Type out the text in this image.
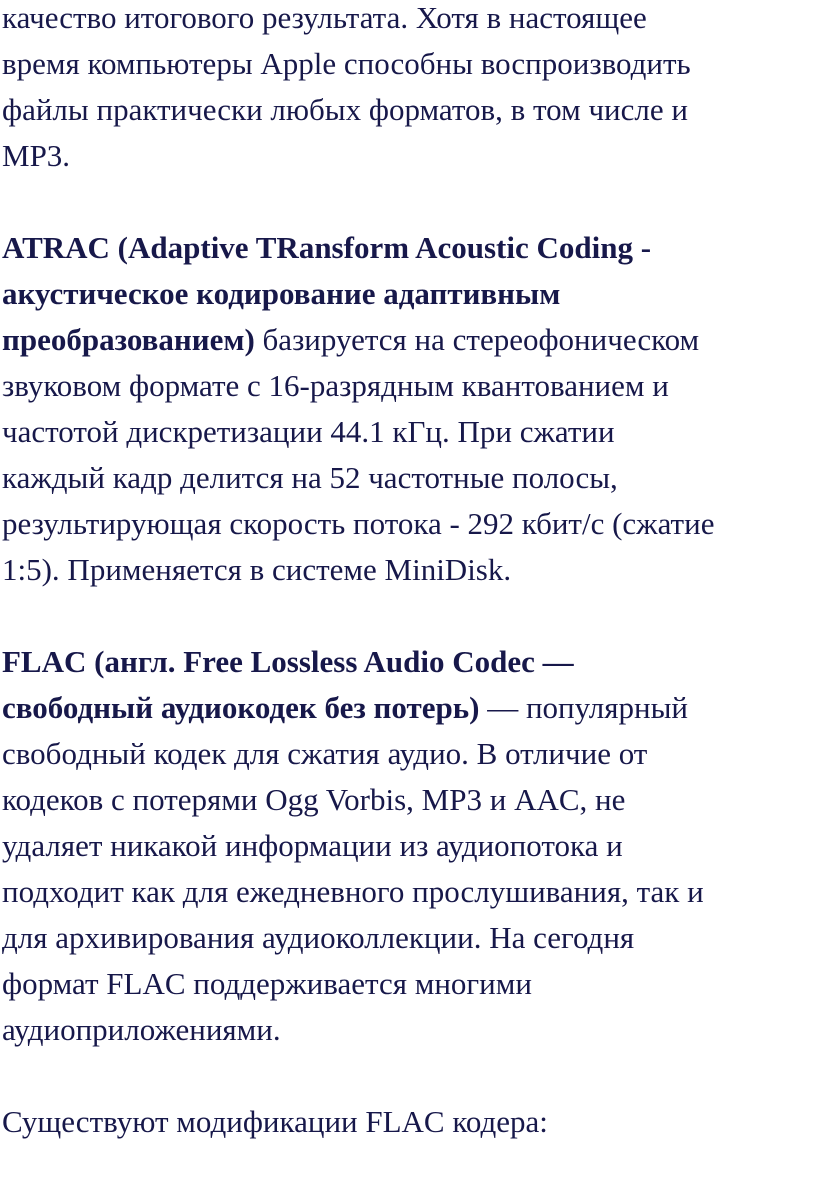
качество итогового результата. Хотя в настоящее
время компьютеры Apple способны воспроизводить
файлы практически любых форматов, в том числе и
MP3.
ATRAC (Adaptive TRansform Acoustic Coding -
акустическое кодирование адаптивным
преобразованием) базируется на стереофоническом
звуковом формате с 16-разрядным квантованием и
частотой дискретизации 44.1 кГц. При сжатии
каждый кадр делится на 52 частотные полосы,
результирующая скорость потока - 292 кбит/с (сжатие
1:5). Применяется в системе MiniDisk.
FLAC (англ. Free Lossless Audio Codec —
свободный аудиокодек без потерь) — популярный
свободный кодек для сжатия аудио. В отличие от
кодеков с потерями Ogg Vorbis, MP3 и AAC, не
удаляет никакой информации из аудиопотока и
подходит как для ежедневного прослушивания, так и
для архивирования аудиоколлекции. На сегодня
формат FLAC поддерживается многими
аудиоприложениями.
Существуют модификации FLAC кодера:
